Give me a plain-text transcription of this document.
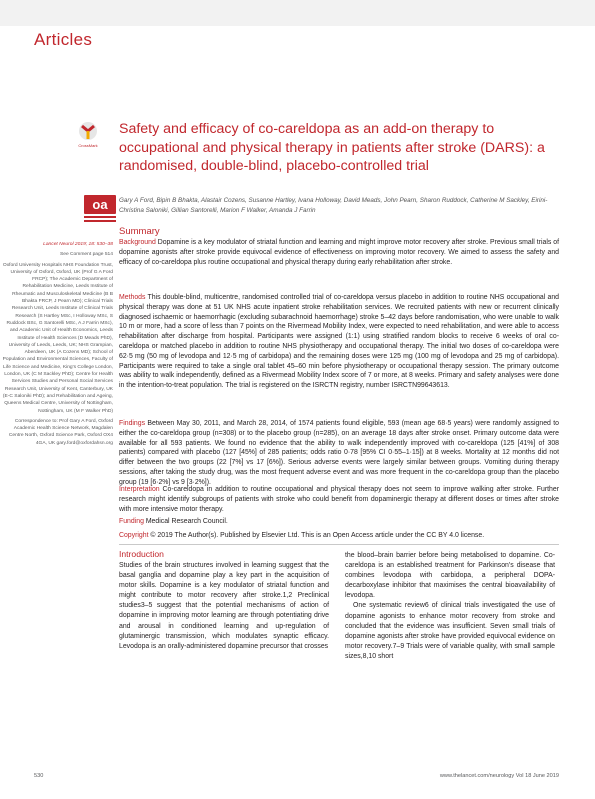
Articles
CrossMark
Safety and efficacy of co-careldopa as an add-on therapy to occupational and physical therapy in patients after stroke (DARS): a randomised, double-blind, placebo-controlled trial
oa	Gary A Ford, Bipin B Bhakta, Alastair Cozens, Susanne Hartley, Ivana Holloway, David Meads, John Pearn, Sharon Ruddock, Catherine M Sackley, Eirini-Christina Saloniki, Gillian Santorelli, Marion F Walker, Amanda J Farrin

Lancet Neurol 2019; 18: 530–38

See Comment page 514

Oxford University Hospitals NHS Foundation Trust, University of Oxford, Oxford, UK (Prof G A Ford FRCP); The Academic Department of Rehabilitation Medicine, Leeds Institute of Rheumatic and Musculoskeletal Medicine (B B Bhakta FRCP, J Pearn MD); Clinical Trials Research Unit, Leeds Institute of Clinical Trials Research (S Hartley MSc, I Holloway MSc, S Ruddock BSc, G Santorelli MSc, A J Farrin MSc), and Academic Unit of Health Economics, Leeds Institute of Health Sciences (D Meads PhD), University of Leeds, Leeds, UK; NHS Grampian, Aberdeen, UK (A Cozens MD); School of Population and Environmental Sciences, Faculty of Life Science and Medicine, King's College London, London, UK (C M Sackley PhD); Centre for Health Services Studies and Personal Social Services Research Unit, University of Kent, Canterbury, UK (E-C Saloniki PhD); and Rehabilitation and Ageing, Queens Medical Centre, University of Nottingham, Nottingham, UK (M F Walker PhD)

Correspondence to: Prof Gary A Ford, Oxford Academic Health Science Network, Magdalen Centre North, Oxford Science Park, Oxford OX4 4GA, UK gary.ford@oxfordahsn.org

Summary

Background Dopamine is a key modulator of striatal function and learning and might improve motor recovery after stroke. Previous small trials of dopamine agonists after stroke provide equivocal evidence of effectiveness on improving motor recovery. We aimed to assess the safety and efficacy of co-careldopa plus routine occupational and physical therapy during early rehabilitation after stroke.

Methods This double-blind, multicentre, randomised controlled trial of co-careldopa versus placebo in addition to routine NHS occupational and physical therapy was done at 51 UK NHS acute inpatient stroke rehabilitation services. We recruited patients with new or recurrent clinically diagnosed ischaemic or haemorrhagic (excluding subarachnoid haemorrhage) stroke 5–42 days before randomisation, who were unable to walk 10 m or more, had a score of less than 7 points on the Rivermead Mobility Index, were expected to need rehabilitation, and were able to access rehabilitation after discharge from hospital. Participants were assigned (1:1) using stratified random blocks to receive 6 weeks of oral co-careldopa or matched placebo in addition to routine NHS physiotherapy and occupational therapy. The initial two doses of co-careldopa were 62·5 mg (50 mg of levodopa and 12·5 mg of carbidopa) and the remaining doses were 125 mg (100 mg of levodopa and 25 mg of carbidopa). Participants were required to take a single oral tablet 45–60 min before physiotherapy or occupational therapy session. The primary outcome was ability to walk independently, defined as a Rivermead Mobility Index score of 7 or more, at 8 weeks. Primary and safety analyses were done in the intention-to-treat population. The trial is registered on the ISRCTN registry, number ISRCTN99643613.

Findings Between May 30, 2011, and March 28, 2014, of 1574 patients found eligible, 593 (mean age 68·5 years) were randomly assigned to either the co-careldopa group (n=308) or to the placebo group (n=285), on an average 18 days after stroke onset. Primary outcome data were available for all 593 patients. We found no evidence that the ability to walk independently improved with co-careldopa (125 [41%] of 308 patients) compared with placebo (127 [45%] of 285 patients; odds ratio 0·78 [95% CI 0·55–1·15]) at 8 weeks. Mortality at 12 months did not differ between the two groups (22 [7%] vs 17 [6%]). Serious adverse events were largely similar between groups. Vomiting during therapy sessions, after taking the study drug, was the most frequent adverse event and was more frequent in the co-careldopa group than the placebo group (19 [6·2%] vs 9 [3·2%]).

Interpretation Co-careldopa in addition to routine occupational and physical therapy does not seem to improve walking after stroke. Further research might identify subgroups of patients with stroke who could benefit from dopaminergic therapy at different doses or times after stroke with more intensive motor therapy.

Funding Medical Research Council.

Copyright © 2019 The Author(s). Published by Elsevier Ltd. This is an Open Access article under the CC BY 4.0 license.

Introduction

Studies of the brain structures involved in learning suggest that the basal ganglia and dopamine play a key part in the acquisition of motor skills. Dopamine is a key modulator of striatal function and might contribute to motor recovery after stroke.1,2 Preclinical studies3–5 suggest that the potential mechanisms of action of dopamine in improving motor learning are through potentiating drive and arousal in conditioned learning and up-regulation of glutaminergic transmission, which modulates synaptic efficacy. Levodopa is an orally-administered dopamine precursor that crosses

the blood–brain barrier before being metabolised to dopamine. Co-careldopa is an established treatment for Parkinson's disease that combines levodopa with carbidopa, a peripheral DOPA-decarboxylase inhibitor that maximises the central bioavailability of levodopa.

One systematic review6 of clinical trials investigated the use of dopamine agonists to enhance motor recovery from stroke and concluded that the evidence was insufficient. Seven small trials of dopamine agonists after stroke have provided equivocal evidence on motor recovery.7–9 Trials were of variable quality, with small sample sizes,8,10 short

530	www.thelancet.com/neurology Vol 18 June 2019
